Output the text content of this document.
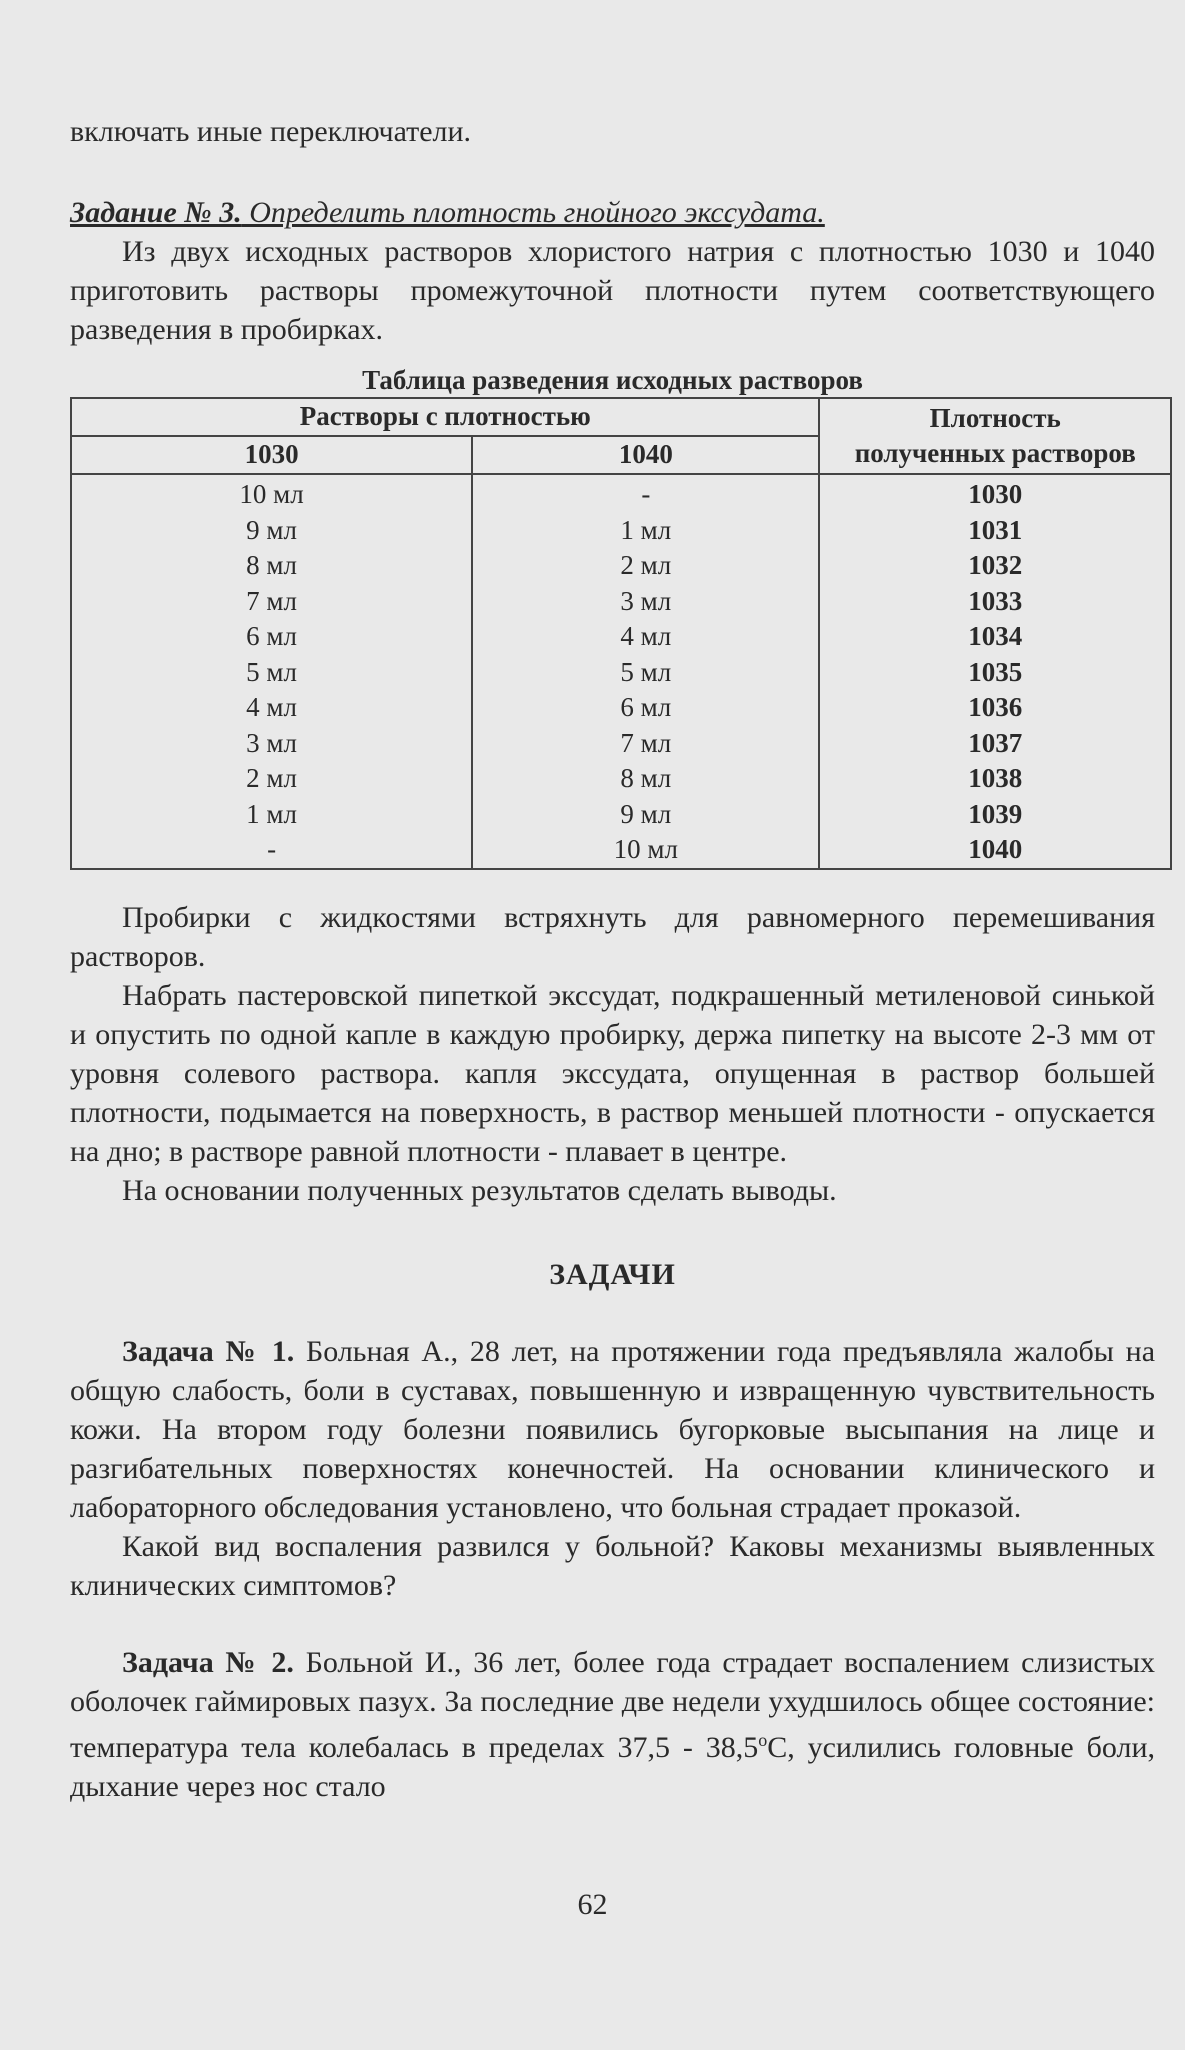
включать иные переключатели.

Задание № 3. Определить плотность гнойного экссудата.

Из двух исходных растворов хлористого натрия с плотностью 1030 и 1040 приготовить растворы промежуточной плотности путем соответствующего разведения в пробирках.

Таблица разведения исходных растворов
Растворы с плотностью		Плотность
полученных растворов
1030	1040	
10 мл	-	1030
9 мл	1 мл	1031
8 мл	2 мл	1032
7 мл	3 мл	1033
6 мл	4 мл	1034
5 мл	5 мл	1035
4 мл	6 мл	1036
3 мл	7 мл	1037
2 мл	8 мл	1038
1 мл	9 мл	1039
-	10 мл	1040

Пробирки с жидкостями встряхнуть для равномерного перемешивания растворов.

Набрать пастеровской пипеткой экссудат, подкрашенный метиленовой синькой и опустить по одной капле в каждую пробирку, держа пипетку на высоте 2-3 мм от уровня солевого раствора. капля экссудата, опущенная в раствор большей плотности, подымается на поверхность, в раствор меньшей плотности - опускается на дно; в растворе равной плотности - плавает в центре.

На основании полученных результатов сделать выводы.

ЗАДАЧИ

Задача № 1. Больная А., 28 лет, на протяжении года предъявляла жалобы на общую слабость, боли в суставах, повышенную и извращенную чувствительность кожи. На втором году болезни появились бугорковые высыпания на лице и разгибательных поверхностях конечностей. На основании клинического и лабораторного обследования установлено, что больная страдает проказой.

Какой вид воспаления развился у больной? Каковы механизмы выявленных клинических симптомов?

Задача № 2. Больной И., 36 лет, более года страдает воспалением слизистых оболочек гаймировых пазух. За последние две недели ухудшилось общее состояние: температура тела колебалась в пределах $37,5 - 38,5^оС$, усилились головные боли, дыхание через нос стало

62
